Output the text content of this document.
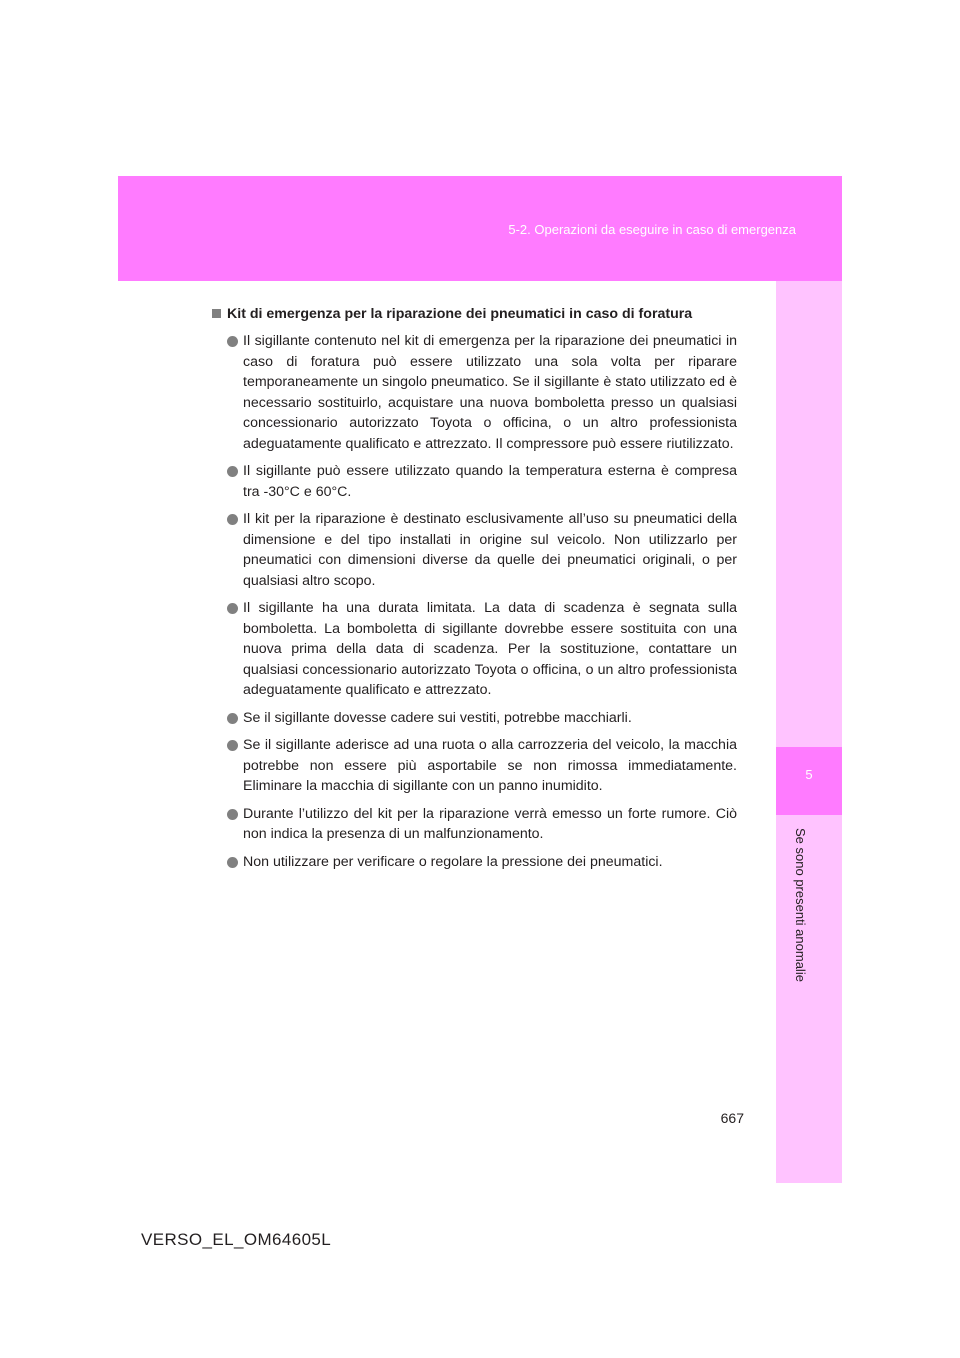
5-2. Operazioni da eseguire in caso di emergenza
5
Se sono presenti anomalie
Kit di emergenza per la riparazione dei pneumatici in caso di foratura
Il sigillante contenuto nel kit di emergenza per la riparazione dei pneumatici in caso di foratura può essere utilizzato una sola volta per riparare temporaneamente un singolo pneumatico. Se il sigillante è stato utilizzato ed è necessario sostituirlo, acquistare una nuova bomboletta presso un qualsiasi concessionario autorizzato Toyota o officina, o un altro professionista adeguatamente qualificato e attrezzato. Il compressore può essere riutilizzato.
Il sigillante può essere utilizzato quando la temperatura esterna è compresa tra -30°C e 60°C.
Il kit per la riparazione è destinato esclusivamente all’uso su pneumatici della dimensione e del tipo installati in origine sul veicolo. Non utilizzarlo per pneumatici con dimensioni diverse da quelle dei pneumatici originali, o per qualsiasi altro scopo.
Il sigillante ha una durata limitata. La data di scadenza è segnata sulla bomboletta. La bomboletta di sigillante dovrebbe essere sostituita con una nuova prima della data di scadenza. Per la sostituzione, contattare un qualsiasi concessionario autorizzato Toyota o officina, o un altro professionista adeguatamente qualificato e attrezzato.
Se il sigillante dovesse cadere sui vestiti, potrebbe macchiarli.
Se il sigillante aderisce ad una ruota o alla carrozzeria del veicolo, la macchia potrebbe non essere più asportabile se non rimossa immediatamente. Eliminare la macchia di sigillante con un panno inumidito.
Durante l’utilizzo del kit per la riparazione verrà emesso un forte rumore. Ciò non indica la presenza di un malfunzionamento.
Non utilizzare per verificare o regolare la pressione dei pneumatici.
667
VERSO_EL_OM64605L
